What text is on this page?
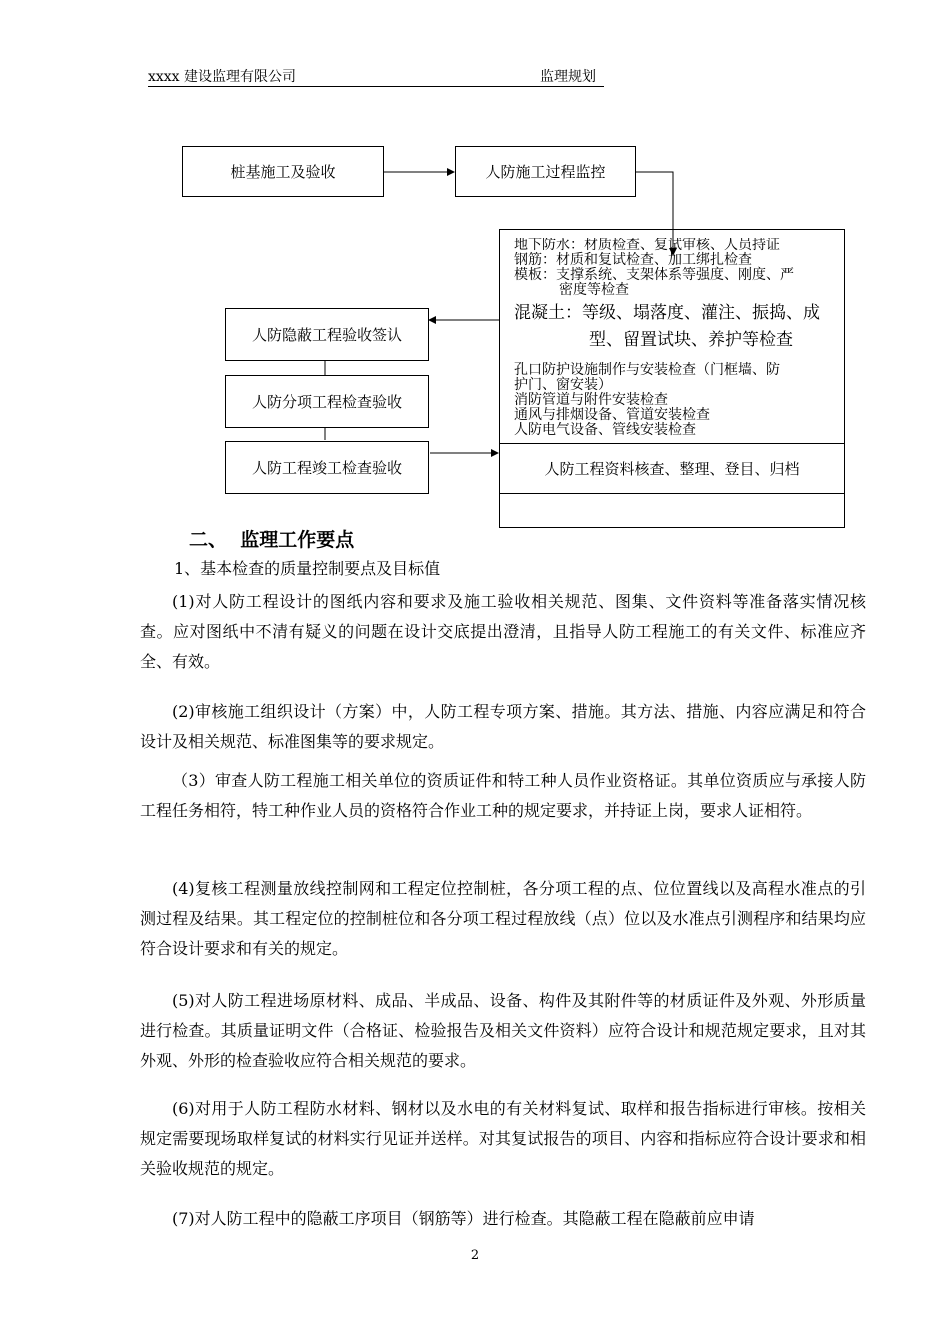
xxxx 建设监理有限公司	监理规划
桩基施工及验收	人防施工过程监控
人防隐蔽工程验收签认
人防分项工程检查验收
人防工程竣工检查验收

地下防水：材质检查、复试审核、人员持证

钢筋：材质和复试检查、加工绑扎检查

模板：支撑系统、支架体系等强度、刚度、严

密度等检查

混凝土：等级、塌落度、灌注、振捣、成

型、留置试块、养护等检查

孔口防护设施制作与安装检查（门框墙、防

护门、窗安装）

消防管道与附件安装检查

通风与排烟设备、管道安装检查

人防电气设备、管线安装检查

人防工程资料核查、整理、登目、归档
二、  监理工作要点
1、基本检查的质量控制要点及目标值

(1)对人防工程设计的图纸内容和要求及施工验收相关规范、图集、文件资料等准备落实情况核查。应对图纸中不清有疑义的问题在设计交底提出澄清，且指导人防工程施工的有关文件、标准应齐全、有效。

(2)审核施工组织设计（方案）中，人防工程专项方案、措施。其方法、措施、内容应满足和符合设计及相关规范、标准图集等的要求规定。

（3）审查人防工程施工相关单位的资质证件和特工种人员作业资格证。其单位资质应与承接人防工程任务相符，特工种作业人员的资格符合作业工种的规定要求，并持证上岗，要求人证相符。

(4)复核工程测量放线控制网和工程定位控制桩，各分项工程的点、位位置线以及高程水准点的引测过程及结果。其工程定位的控制桩位和各分项工程过程放线（点）位以及水准点引测程序和结果均应符合设计要求和有关的规定。

(5)对人防工程进场原材料、成品、半成品、设备、构件及其附件等的材质证件及外观、外形质量进行检查。其质量证明文件（合格证、检验报告及相关文件资料）应符合设计和规范规定要求，且对其外观、外形的检查验收应符合相关规范的要求。

(6)对用于人防工程防水材料、钢材以及水电的有关材料复试、取样和报告指标进行审核。按相关规定需要现场取样复试的材料实行见证并送样。对其复试报告的项目、内容和指标应符合设计要求和相关验收规范的规定。

(7)对人防工程中的隐蔽工序项目（钢筋等）进行检查。其隐蔽工程在隐蔽前应申请

2
